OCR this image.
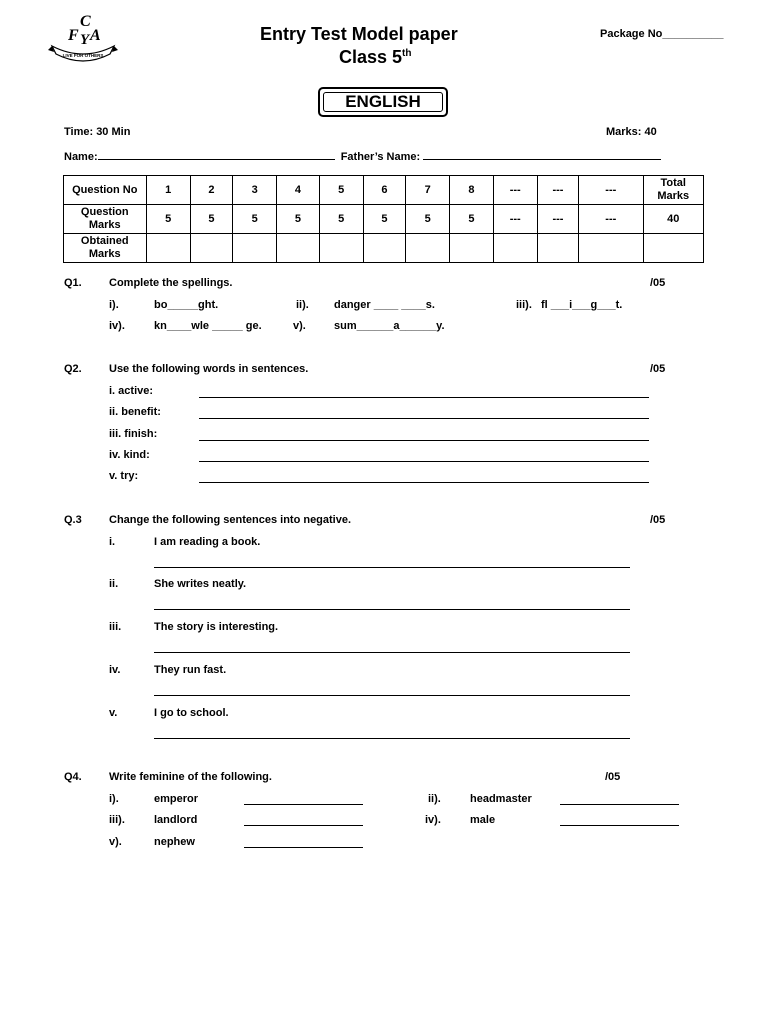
LIVE FOR OTHERS
C
F Y A	Entry Test Model paper
Class 5th
Package No__________
ENGLISH
Time: 30 Min	Marks: 40
Name:	Father’s Name:
Question No	1	2	3	4	5	6	7	8	---	---	---	Total Marks
Question Marks	5	5	5	5	5	5	5	5	---	---	---	40
Obtained Marks												
Q1. Complete the spellings.	/05
i).	bo_____ght.	ii). danger ____ ____s.	iii). fl ___i___g___t.
iv).	kn____wle _____ ge.	v).	sum______a______y.
Q2. Use the following words in sentences.	/05
i. active:
ii. benefit:
iii. finish:
iv. kind:
v. try:
Q.3 Change the following sentences into negative.	/05
i.	I am reading a book.
ii.	She writes neatly.
iii.	The story is interesting.
iv.	They run fast.
v.	I go to school.
Q4. Write feminine of the following.	/05
i).	emperor	ii).	headmaster
iii).	landlord	iv).	male
v).	nephew
